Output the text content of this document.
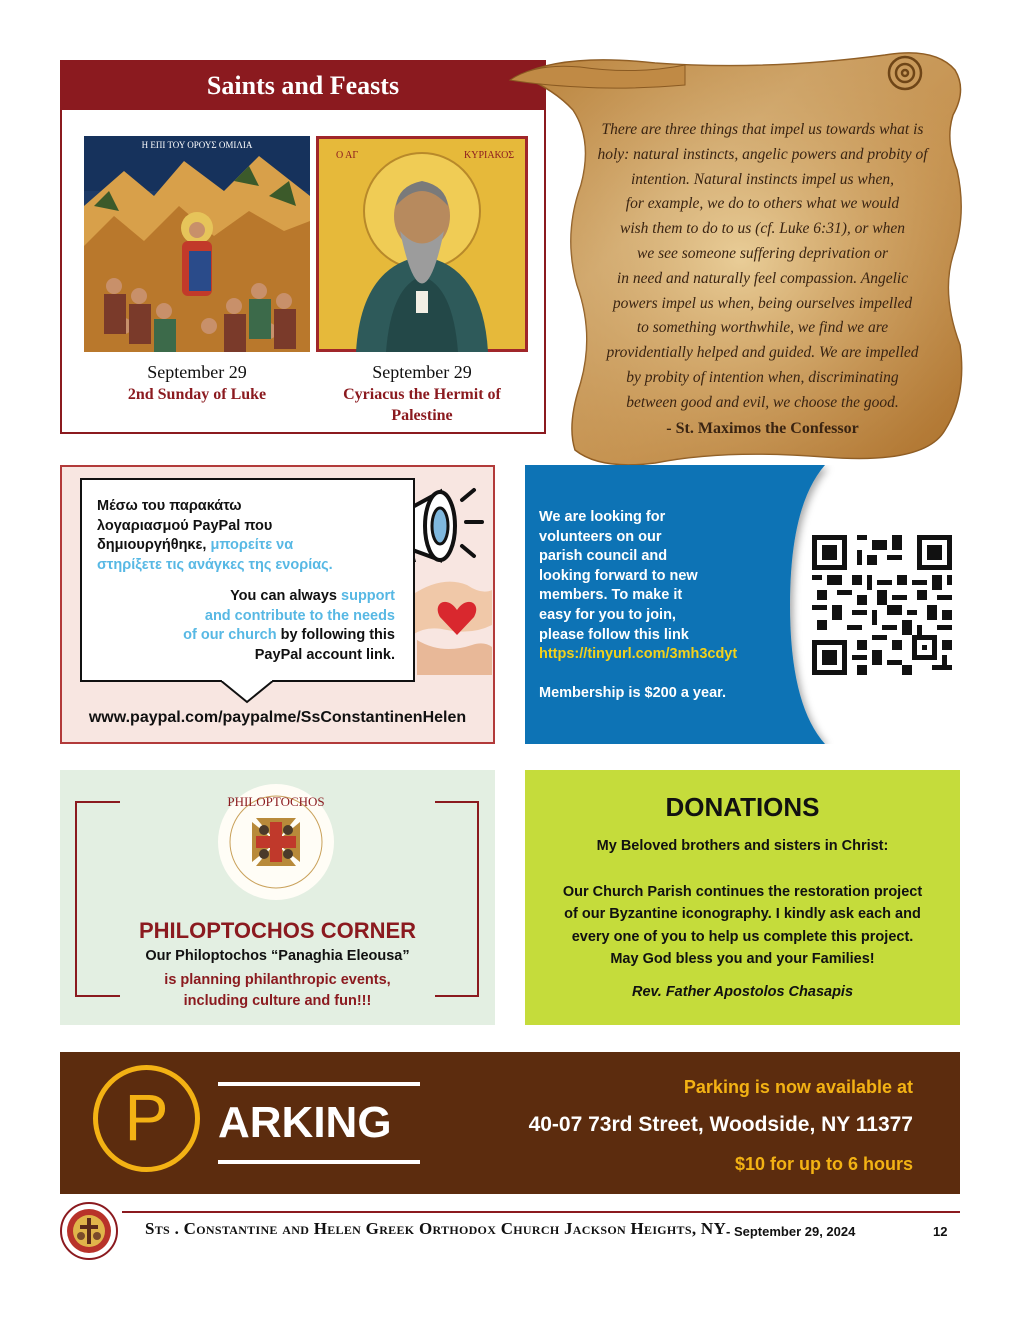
Saints and Feasts
Η ΕΠΙ ΤΟΥ ΟΡΟΥΣ ΟΜΙΛΙΑ
Ο ΑΓ	ΚΥΡΙΑΚΟΣ
September 29
2nd Sunday of Luke
September 29
Cyriacus the Hermit of
Palestine
There are three things that impel us towards what is
holy: natural instincts, angelic powers and probity of
intention. Natural instincts impel us when,
for example, we do to others what we would
wish them to do to us (cf. Luke 6:31), or when
we see someone suffering deprivation or
in need and naturally feel compassion. Angelic
powers impel us when, being ourselves impelled
to something worthwhile, we find we are
providentially helped and guided. We are impelled
by probity of intention when, discriminating
between good and evil, we choose the good.
- St. Maximos the Confessor
Μέσω του παρακάτω
λογαριασμού PayPal που
δημιουργήθηκε, μπορείτε να
στηρίξετε τις ανάγκες της ενορίας.
You can always support
and contribute to the needs
of our church by following this
PayPal account link.
www.paypal.com/paypalme/SsConstantinenHelen
We are looking for
volunteers on our
parish council and
looking forward to new
members. To make it
easy for you to join,
please follow this link
https://tinyurl.com/3mh3cdyt
Membership is $200 a year.
PHILOPTOCHOS
PHILOPTOCHOS CORNER
Our Philoptochos “Panaghia Eleousa”
is planning philanthropic events,
including culture and fun!!!
DONATIONS
My Beloved brothers and sisters in Christ:
Our Church Parish continues the restoration project
of our Byzantine iconography. I kindly ask each and
every one of you to help us complete this project.
May God bless you and your Families!
Rev. Father Apostolos Chasapis
P	ARKING
Parking is now available at
40-07 73rd Street, Woodside, NY 11377
$10 for up to 6 hours
Sts . Constantine and Helen Greek Orthodox Church Jackson Heights, NY - September 29, 2024	12
